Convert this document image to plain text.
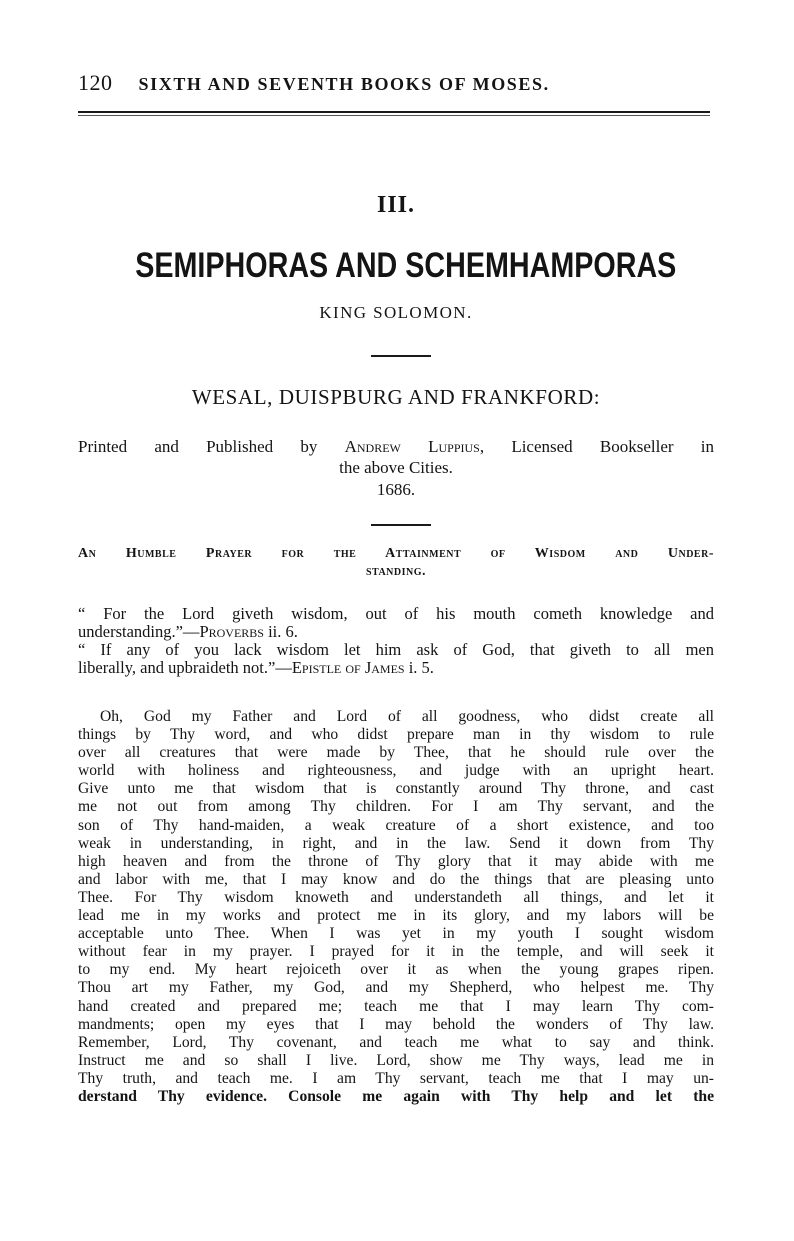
120 SIXTH AND SEVENTH BOOKS OF MOSES.
III.
SEMIPHORAS AND SCHEMHAMPORAS
KING SOLOMON.
WESAL, DUISPBURG AND FRANKFORD:
Printed and Published by Andrew Luppius, Licensed Bookseller in
the above Cities.
1686.
An Humble Prayer for the Attainment of Wisdom and Under-
standing.
“ For the Lord giveth wisdom, out of his mouth cometh knowledge and
understanding.”—Proverbs ii. 6.
“ If any of you lack wisdom let him ask of God, that giveth to all men
liberally, and upbraideth not.”—Epistle of James i. 5.
Oh, God my Father and Lord of all goodness, who didst create all
things by Thy word, and who didst prepare man in thy wisdom to rule
over all creatures that were made by Thee, that he should rule over the
world with holiness and righteousness, and judge with an upright heart.
Give unto me that wisdom that is constantly around Thy throne, and cast
me not out from among Thy children. For I am Thy servant, and the
son of Thy hand-maiden, a weak creature of a short existence, and too
weak in understanding, in right, and in the law. Send it down from Thy
high heaven and from the throne of Thy glory that it may abide with me
and labor with me, that I may know and do the things that are pleasing unto
Thee. For Thy wisdom knoweth and understandeth all things, and let it
lead me in my works and protect me in its glory, and my labors will be
acceptable unto Thee. When I was yet in my youth I sought wisdom
without fear in my prayer. I prayed for it in the temple, and will seek it
to my end. My heart rejoiceth over it as when the young grapes ripen.
Thou art my Father, my God, and my Shepherd, who helpest me. Thy
hand created and prepared me; teach me that I may learn Thy com-
mandments; open my eyes that I may behold the wonders of Thy law.
Remember, Lord, Thy covenant, and teach me what to say and think.
Instruct me and so shall I live. Lord, show me Thy ways, lead me in
Thy truth, and teach me. I am Thy servant, teach me that I may un-
derstand Thy evidence. Console me again with Thy help and let the
